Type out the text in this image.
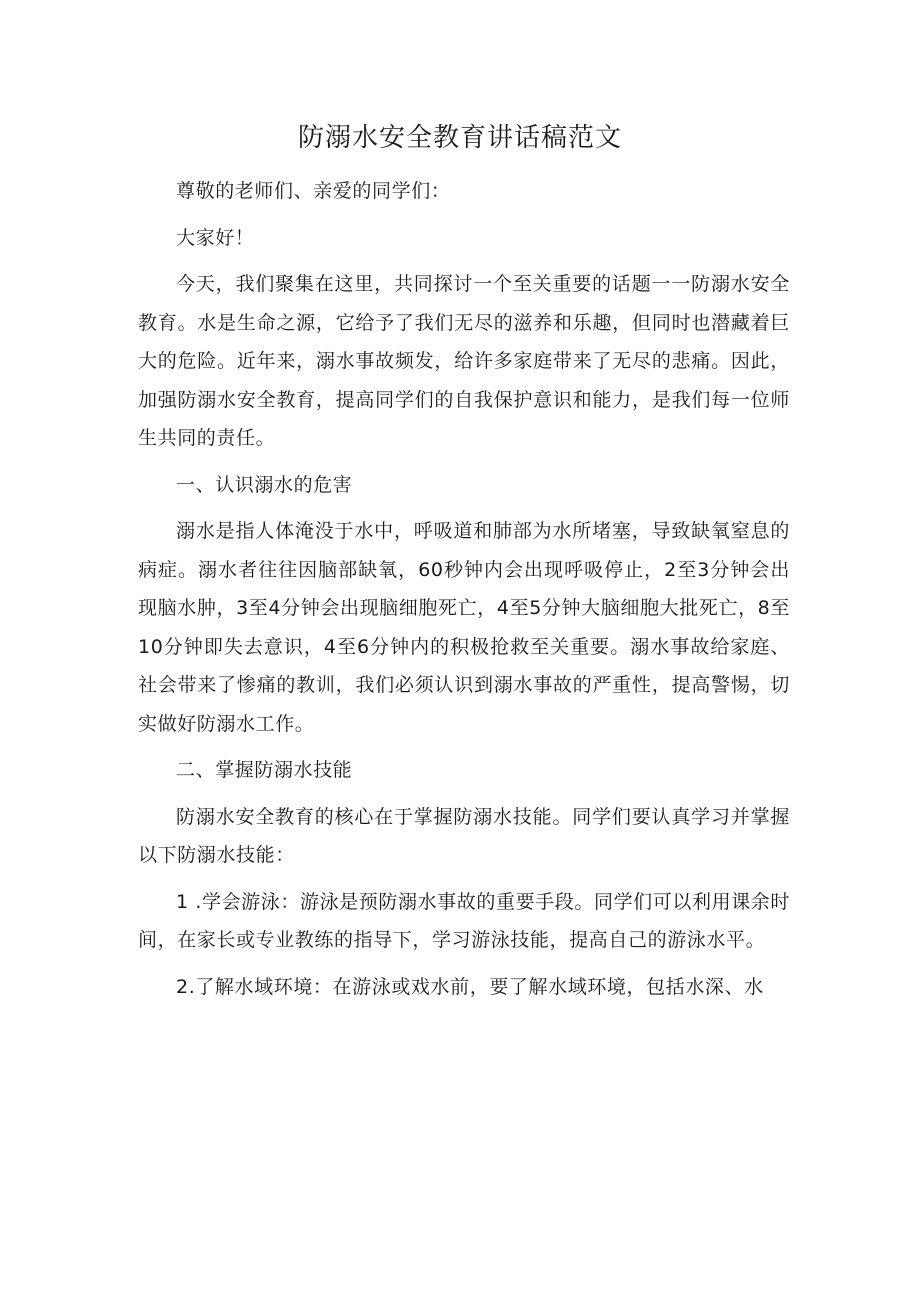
防溺水安全教育讲话稿范文

尊敬的老师们、亲爱的同学们：

大家好！

今天，我们聚集在这里，共同探讨一个至关重要的话题一一防溺水安全教育。水是生命之源，它给予了我们无尽的滋养和乐趣，但同时也潜藏着巨大的危险。近年来，溺水事故频发，给许多家庭带来了无尽的悲痛。因此，加强防溺水安全教育，提高同学们的自我保护意识和能力，是我们每一位师生共同的责任。

一、认识溺水的危害

溺水是指人体淹没于水中，呼吸道和肺部为水所堵塞，导致缺氧窒息的病症。溺水者往往因脑部缺氧，60秒钟内会出现呼吸停止，2至3分钟会出现脑水肿，3至4分钟会出现脑细胞死亡，4至5分钟大脑细胞大批死亡，8至10分钟即失去意识，4至6分钟内的积极抢救至关重要。溺水事故给家庭、社会带来了惨痛的教训，我们必须认识到溺水事故的严重性，提高警惕，切实做好防溺水工作。

二、掌握防溺水技能

防溺水安全教育的核心在于掌握防溺水技能。同学们要认真学习并掌握以下防溺水技能：

1 .学会游泳：游泳是预防溺水事故的重要手段。同学们可以利用课余时间，在家长或专业教练的指导下，学习游泳技能，提高自己的游泳水平。

2.了解水域环境：在游泳或戏水前，要了解水域环境，包括水深、水
